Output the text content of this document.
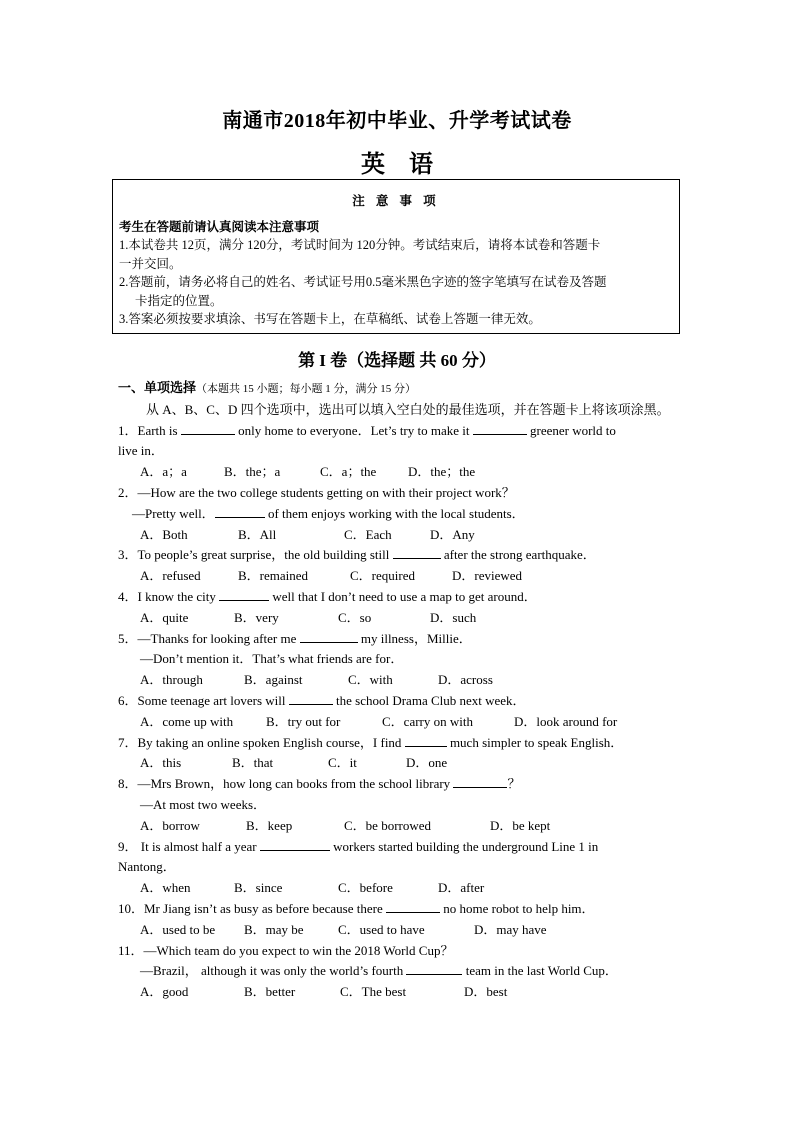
南通市2018年初中毕业、升学考试试卷
英 语
注 意 事 项
考生在答题前请认真阅读本注意事项
1.本试卷共 12页，满分 120分，考试时间为 120分钟。考试结束后，请将本试卷和答题卡
一并交回。
2.答题前，请务必将自己的姓名、考试证号用0.5毫米黑色字迹的签字笔填写在试卷及答题
卡指定的位置。
3.答案必须按要求填涂、书写在答题卡上，在草稿纸、试卷上答题一律无效。
第 I 卷（选择题 共 60 分）
一、单项选择（本题共 15 小题；每小题 1 分，满分 15 分）
从 A、B、C、D 四个选项中，选出可以填入空白处的最佳选项，并在答题卡上将该项涂黑。
1．Earth is	only home to everyone．Let’s try to make it	greener world to
live in．
A．a；a	B．the；a	C．a；the D．the；the
2．—How are the two college students getting on with their project work？
—Pretty well．	of them enjoys working with the local students．
A．Both	B．All	C．Each	D．Any
3．To people’s great surprise，the old building still	after the strong earthquake．
A．refused	B．remained	C．required	D．reviewed
4．I know the city	well that I don’t need to use a map to get around．
A．quite	B．very	C．so	D．such
5．—Thanks for looking after me	my illness，Millie．
—Don’t mention it．That’s what friends are for．
A．through	B．against	C．with	D．across
6．Some teenage art lovers will	the school Drama Club next week．
A．come up with	B．try out for	C．carry on with	D．look around for
7．By taking an online spoken English course，I find	much simpler to speak English．
A．this	B．that	C．it	D．one
8．—Mrs Brown，how long can books from the school library	？
—At most two weeks．
A．borrow	B．keep	C．be borrowed	D．be kept
9． It is almost half a year	workers started building the underground Line 1 in
Nantong．
A．when	B．since	C．before	D．after
10．Mr Jiang isn’t as busy as before because there	no home robot to help him．
A．used to be B．may be	C．used to have	D．may have
11．—Which team do you expect to win the 2018 World Cup？
—Brazil， although it was only the world’s fourth	team in the last World Cup．
A．good	B．better	C．The best	D．best
